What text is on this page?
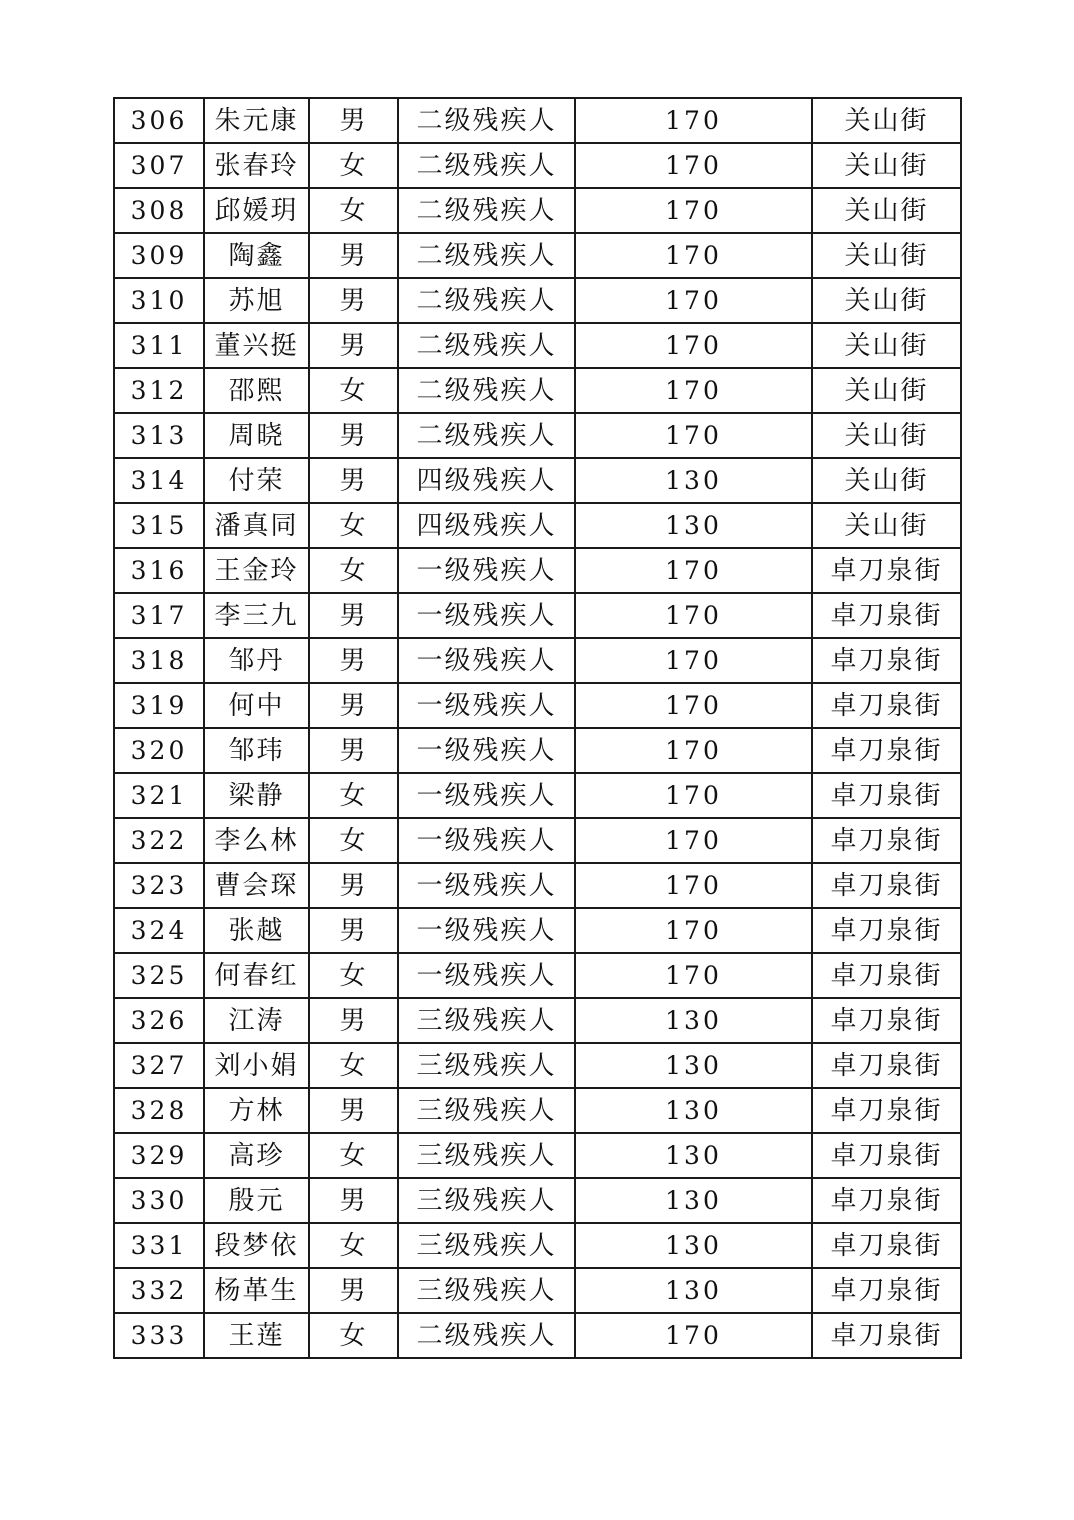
306	朱元康	男	二级残疾人	170	关山街
307	张春玲	女	二级残疾人	170	关山街
308	邱媛玥	女	二级残疾人	170	关山街
309	陶鑫	男	二级残疾人	170	关山街
310	苏旭	男	二级残疾人	170	关山街
311	董兴挺	男	二级残疾人	170	关山街
312	邵熙	女	二级残疾人	170	关山街
313	周晓	男	二级残疾人	170	关山街
314	付荣	男	四级残疾人	130	关山街
315	潘真同	女	四级残疾人	130	关山街
316	王金玲	女	一级残疾人	170	卓刀泉街
317	李三九	男	一级残疾人	170	卓刀泉街
318	邹丹	男	一级残疾人	170	卓刀泉街
319	何中	男	一级残疾人	170	卓刀泉街
320	邹玮	男	一级残疾人	170	卓刀泉街
321	梁静	女	一级残疾人	170	卓刀泉街
322	李么林	女	一级残疾人	170	卓刀泉街
323	曹会琛	男	一级残疾人	170	卓刀泉街
324	张越	男	一级残疾人	170	卓刀泉街
325	何春红	女	一级残疾人	170	卓刀泉街
326	江涛	男	三级残疾人	130	卓刀泉街
327	刘小娟	女	三级残疾人	130	卓刀泉街
328	方林	男	三级残疾人	130	卓刀泉街
329	高珍	女	三级残疾人	130	卓刀泉街
330	殷元	男	三级残疾人	130	卓刀泉街
331	段梦依	女	三级残疾人	130	卓刀泉街
332	杨革生	男	三级残疾人	130	卓刀泉街
333	王莲	女	二级残疾人	170	卓刀泉街
